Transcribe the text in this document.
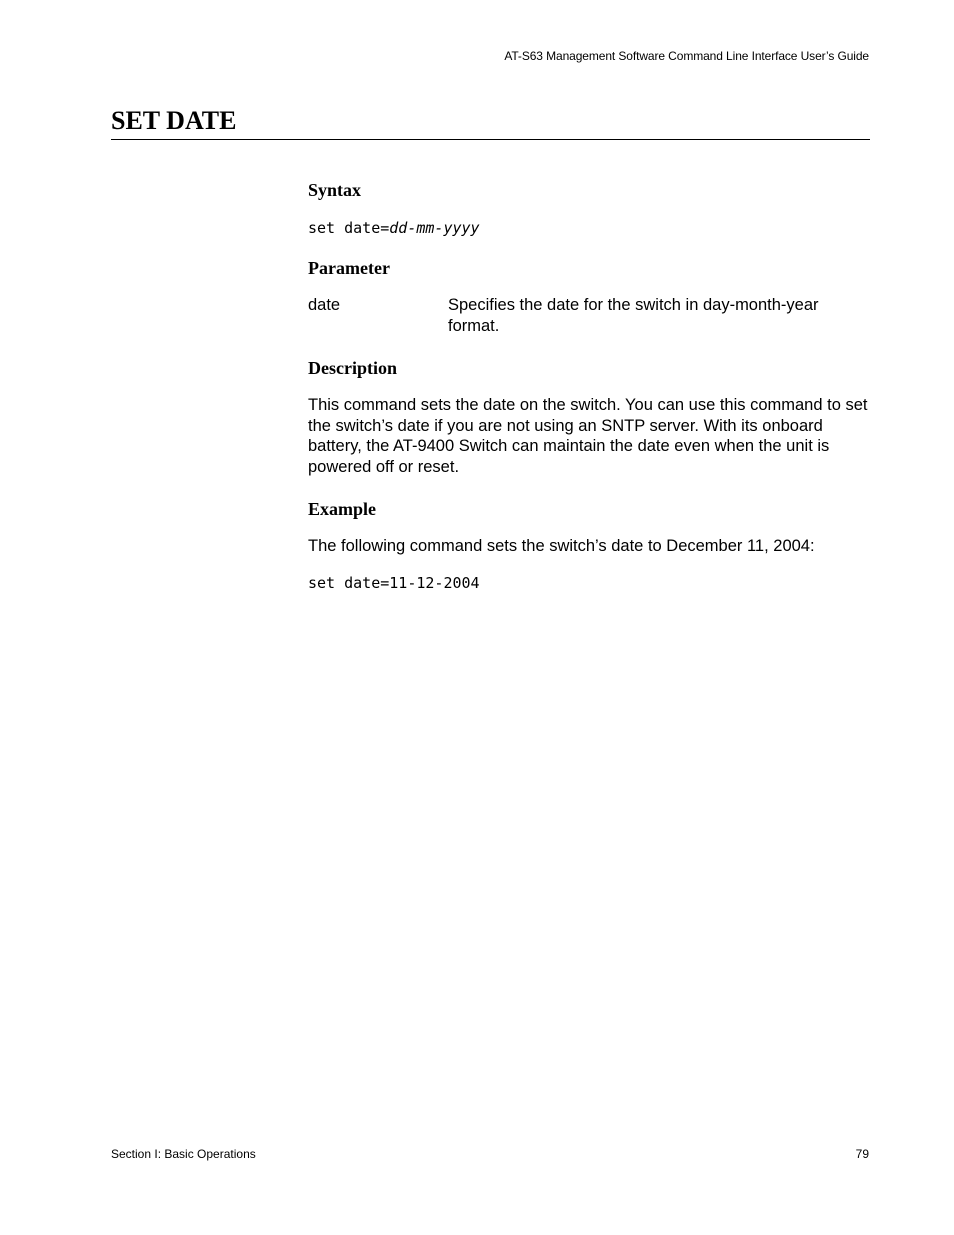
AT-S63 Management Software Command Line Interface User’s Guide
SET DATE
Syntax
set date=dd-mm-yyyy
Parameter
date	Specifies the date for the switch in day-month-year format.
Description

This command sets the date on the switch. You can use this command to set the switch’s date if you are not using an SNTP server. With its onboard battery, the AT-9400 Switch can maintain the date even when the unit is powered off or reset.

Example

The following command sets the switch’s date to December 11, 2004:

set date=11-12-2004
Section I: Basic Operations	79
